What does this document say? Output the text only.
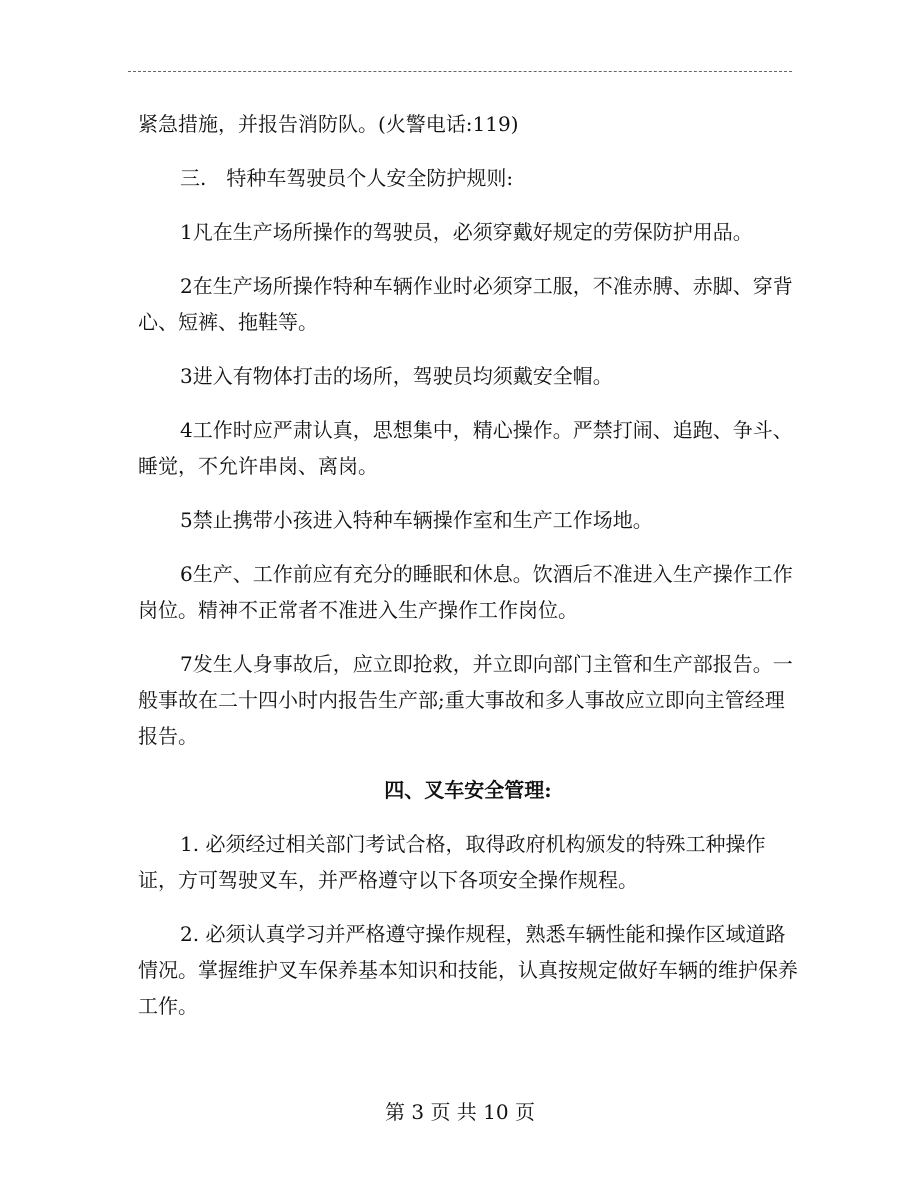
紧急措施，并报告消防队。(火警电话:119)

三.　特种车驾驶员个人安全防护规则:

1凡在生产场所操作的驾驶员，必须穿戴好规定的劳保防护用品。

2在生产场所操作特种车辆作业时必须穿工服，不准赤膊、赤脚、穿背心、短裤、拖鞋等。

3进入有物体打击的场所，驾驶员均须戴安全帽。

4工作时应严肃认真，思想集中，精心操作。严禁打闹、追跑、争斗、睡觉，不允许串岗、离岗。

5禁止携带小孩进入特种车辆操作室和生产工作场地。

6生产、工作前应有充分的睡眠和休息。饮酒后不准进入生产操作工作岗位。精神不正常者不准进入生产操作工作岗位。

7发生人身事故后，应立即抢救，并立即向部门主管和生产部报告。一般事故在二十四小时内报告生产部;重大事故和多人事故应立即向主管经理报告。

四、叉车安全管理:

1. 必须经过相关部门考试合格，取得政府机构颁发的特殊工种操作证，方可驾驶叉车，并严格遵守以下各项安全操作规程。

2. 必须认真学习并严格遵守操作规程，熟悉车辆性能和操作区域道路情况。掌握维护叉车保养基本知识和技能，认真按规定做好车辆的维护保养工作。

第 3 页 共 10 页
